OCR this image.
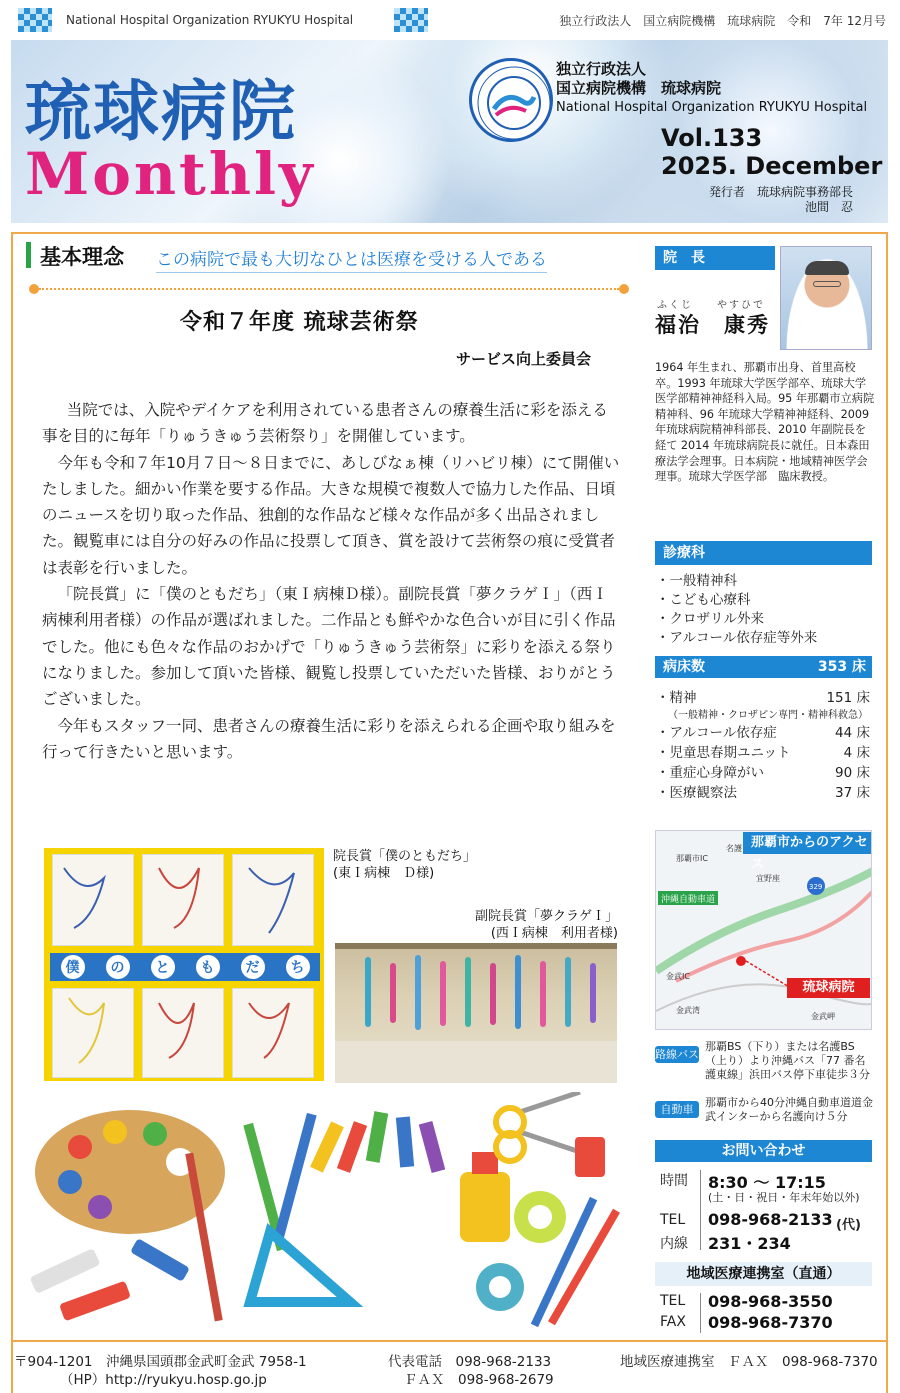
National Hospital Organization RYUKYU Hospital	独立行政法人　国立病院機構　琉球病院　令和　7年 12月号
琉球病院
Monthly
独立行政法人
国立病院機構　琉球病院
National Hospital Organization RYUKYU Hospital
Vol.133
2025. December
発行者　琉球病院事務部長
池間　忍
基本理念 この病院で最も大切なひとは医療を受ける人である
令和７年度 琉球芸術祭
サービス向上委員会

当院では、入院やデイケアを利用されている患者さんの療養生活に彩を添える事を目的に毎年「りゅうきゅう芸術祭り」を開催しています。

今年も令和７年10月７日～８日までに、あしびなぁ棟（リハビリ棟）にて開催いたしました。細かい作業を要する作品。大きな規模で複数人で協力した作品、日頃のニュースを切り取った作品、独創的な作品など様々な作品が多く出品されました。観覧車には自分の好みの作品に投票して頂き、賞を設けて芸術祭の痕に受賞者は表彰を行いました。

「院長賞」に「僕のともだち」（東Ｉ病棟Ｄ様）。副院長賞「夢クラゲＩ」（西Ｉ病棟利用者様）の作品が選ばれました。二作品とも鮮やかな色合いが目に引く作品でした。他にも色々な作品のおかげで「りゅうきゅう芸術祭」に彩りを添える祭りになりました。参加して頂いた皆様、観覧し投票していただいた皆様、おりがとうございました。

今年もスタッフ一同、患者さんの療養生活に彩りを添えられる企画や取り組みを行って行きたいと思います。

僕	の	と	も	だ	ち
院長賞「僕のともだち」
(東Ｉ病棟　Ｄ様)
副院長賞「夢クラゲＩ」
(西Ｉ病棟　利用者様)
院　長
ふくじ　　やすひで
福治　康秀
1964 年生まれ、那覇市出身、首里高校卒。1993 年琉球大学医学部卒、琉球大学医学部精神神経科入局。95 年那覇市立病院精神科、96 年琉球大学精神神経科、2009 年琉球病院精神科部長、2010 年副院長を経て 2014 年琉球病院長に就任。日本森田療法学会理事。日本病院・地域精神医学会理事。琉球大学医学部　臨床教授。
診療科
・一般精神科
・こども心療科
・クロザリル外来
・アルコール依存症等外来
病床数	353 床
・精神	151 床
（一般精神・クロザピン専門・精神科救急）
・アルコール依存症	44 床
・児童思春期ユニット	4 床
・重症心身障がい	90 床
・医療観察法	37 床
沖縄自動車道
那覇市IC
金武IC
金武湾
金武岬
329
宜野座
名護 那覇市からのアクセス
琉球病院
路線バス
那覇BS（下り）または名護BS（上り）より沖縄バス「77 番名護東線」浜田バス停下車徒歩３分
自動車
那覇市から40分沖縄自動車道道金武インターから名護向け５分
お問い合わせ
時間 8:30 ～ 17:15
(土・日・祝日・年末年始以外)
TEL 098-968-2133 (代)
内線 231・234
地域医療連携室（直通）
TEL 098-968-3550
FAX 098-968-7370
〒904-1201　沖縄県国頭郡金武町金武 7958-1
（HP）http://ryukyu.hosp.go.jp
代表電話　098-968-2133
ＦＡＸ　098-968-2679
地域医療連携室　ＦＡＸ　098-968-7370
